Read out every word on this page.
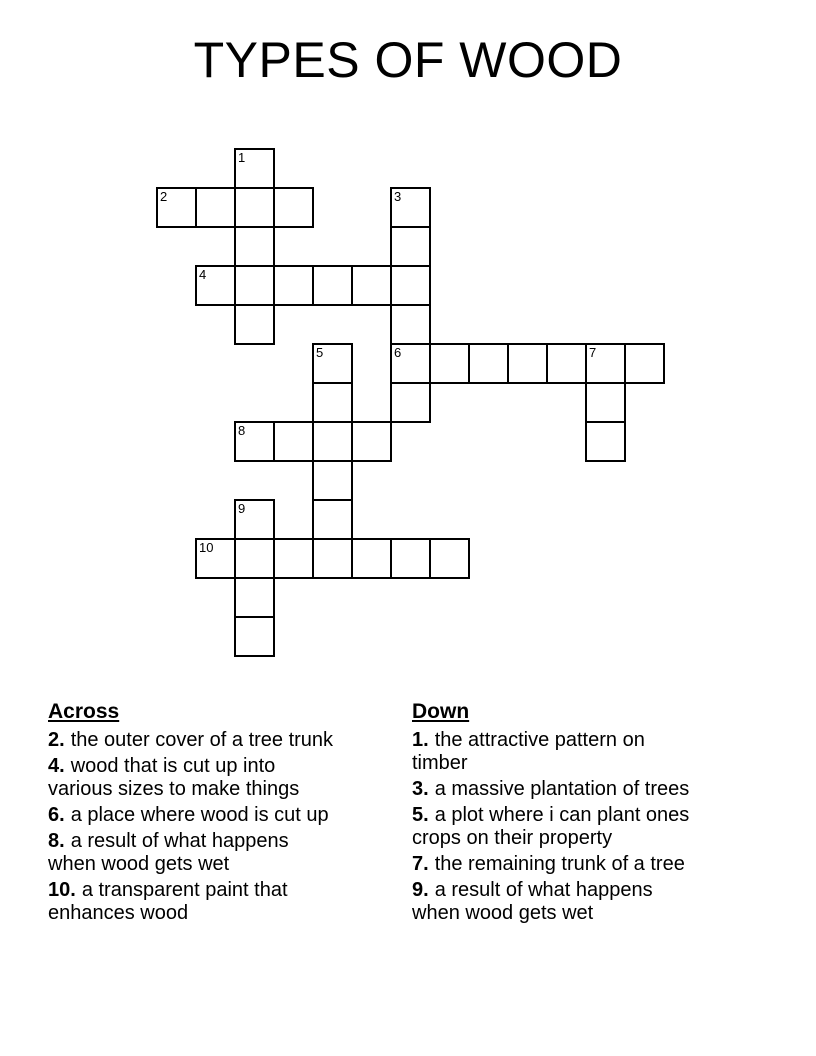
TYPES OF WOOD
1
2	3
6
4
5	7
8
9
10
Across
2. the outer cover of a tree trunk
4. wood that is cut up into various sizes to make things
6. a place where wood is cut up
8. a result of what happens when wood gets wet
10. a transparent paint that enhances wood
Down
1. the attractive pattern on timber
3. a massive plantation of trees
5. a plot where i can plant ones crops on their property
7. the remaining trunk of a tree
9. a result of what happens when wood gets wet
